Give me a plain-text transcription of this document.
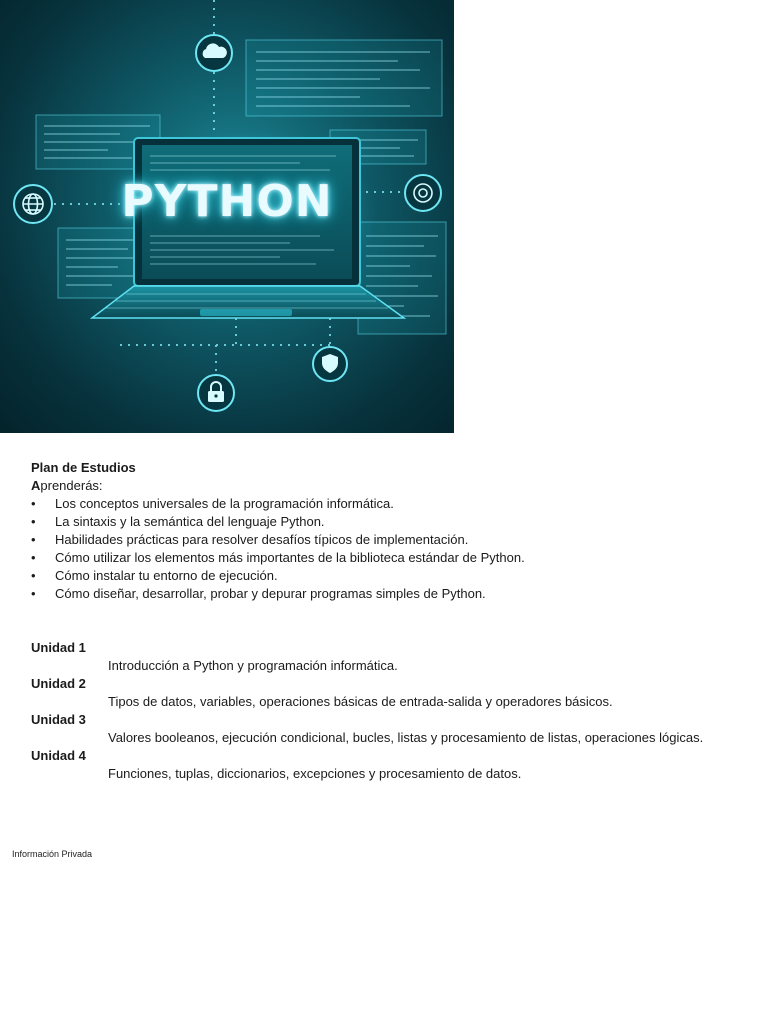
PYTHON

Plan de Estudios

Aprenderás:

•	Los conceptos universales de la programación informática.
•	La sintaxis y la semántica del lenguaje Python.
•	Habilidades prácticas para resolver desafíos típicos de implementación.
•	Cómo utilizar los elementos más importantes de la biblioteca estándar de Python.
•	Cómo instalar tu entorno de ejecución.
•	Cómo diseñar, desarrollar, probar y depurar programas simples de Python.
Unidad 1
Introducción a Python y programación informática.
Unidad 2
Tipos de datos, variables, operaciones básicas de entrada-salida y operadores básicos.
Unidad 3
Valores booleanos, ejecución condicional, bucles, listas y procesamiento de listas, operaciones lógicas.
Unidad 4
Funciones, tuplas, diccionarios, excepciones y procesamiento de datos.
Información Privada
